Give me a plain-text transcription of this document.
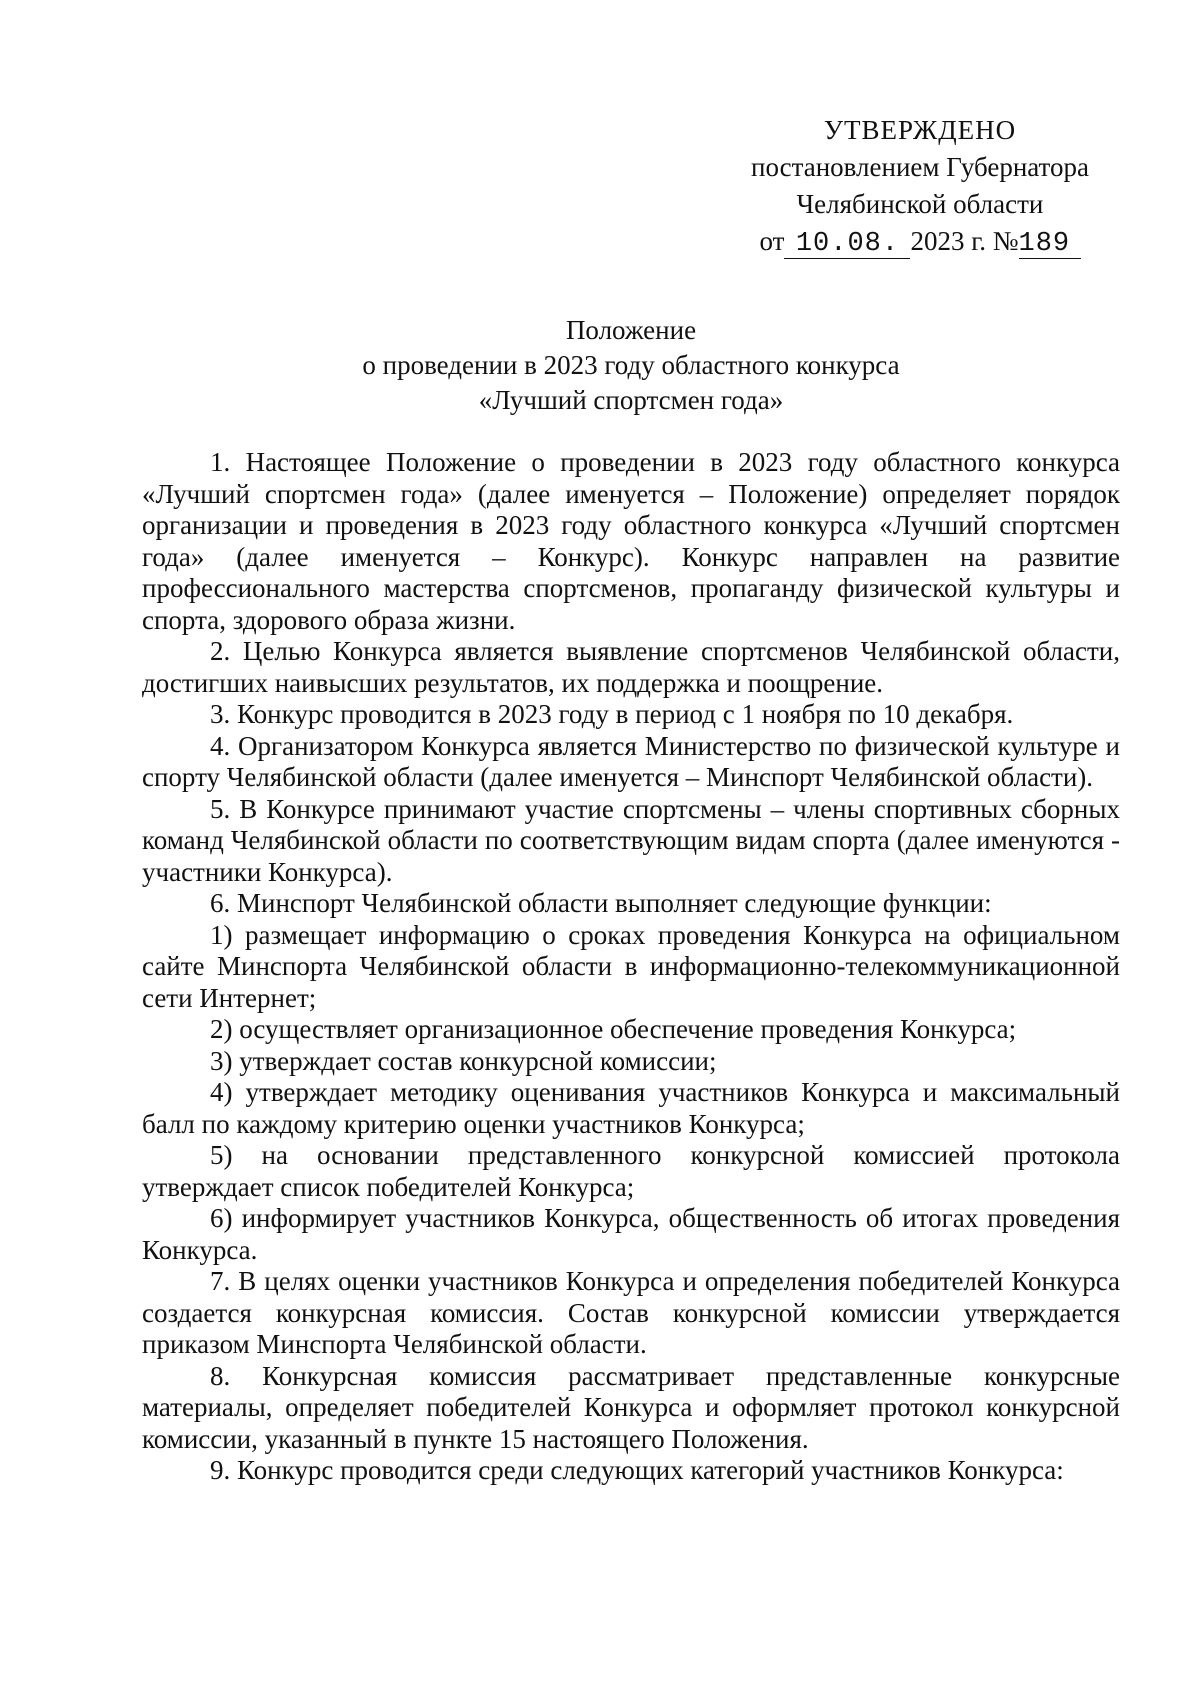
УТВЕРЖДЕНО
постановлением Губернатора
Челябинской области
от 10.08. 2023 г. №189
Положение
о проведении в 2023 году областного конкурса
«Лучший спортсмен года»

1. Настоящее Положение о проведении в 2023 году областного конкурса «Лучший спортсмен года» (далее именуется – Положение) определяет порядок организации и проведения в 2023 году областного конкурса «Лучший спортсмен года» (далее именуется – Конкурс). Конкурс направлен на развитие профессионального мастерства спортсменов, пропаганду физической культуры и спорта, здорового образа жизни.

2. Целью Конкурса является выявление спортсменов Челябинской области, достигших наивысших результатов, их поддержка и поощрение.

3. Конкурс проводится в 2023 году в период с 1 ноября по 10 декабря.

4. Организатором Конкурса является Министерство по физической культуре и спорту Челябинской области (далее именуется – Минспорт Челябинской области).

5. В Конкурсе принимают участие спортсмены – члены спортивных сборных команд Челябинской области по соответствующим видам спорта (далее именуются - участники Конкурса).

6. Минспорт Челябинской области выполняет следующие функции:

1) размещает информацию о сроках проведения Конкурса на официальном сайте Минспорта Челябинской области в информационно-телекоммуникационной сети Интернет;

2) осуществляет организационное обеспечение проведения Конкурса;

3) утверждает состав конкурсной комиссии;

4) утверждает методику оценивания участников Конкурса и максимальный балл по каждому критерию оценки участников Конкурса;

5) на основании представленного конкурсной комиссией протокола утверждает список победителей Конкурса;

6) информирует участников Конкурса, общественность об итогах проведения Конкурса.

7. В целях оценки участников Конкурса и определения победителей Конкурса создается конкурсная комиссия. Состав конкурсной комиссии утверждается приказом Минспорта Челябинской области.

8. Конкурсная комиссия рассматривает представленные конкурсные материалы, определяет победителей Конкурса и оформляет протокол конкурсной комиссии, указанный в пункте 15 настоящего Положения.

9. Конкурс проводится среди следующих категорий участников Конкурса:
